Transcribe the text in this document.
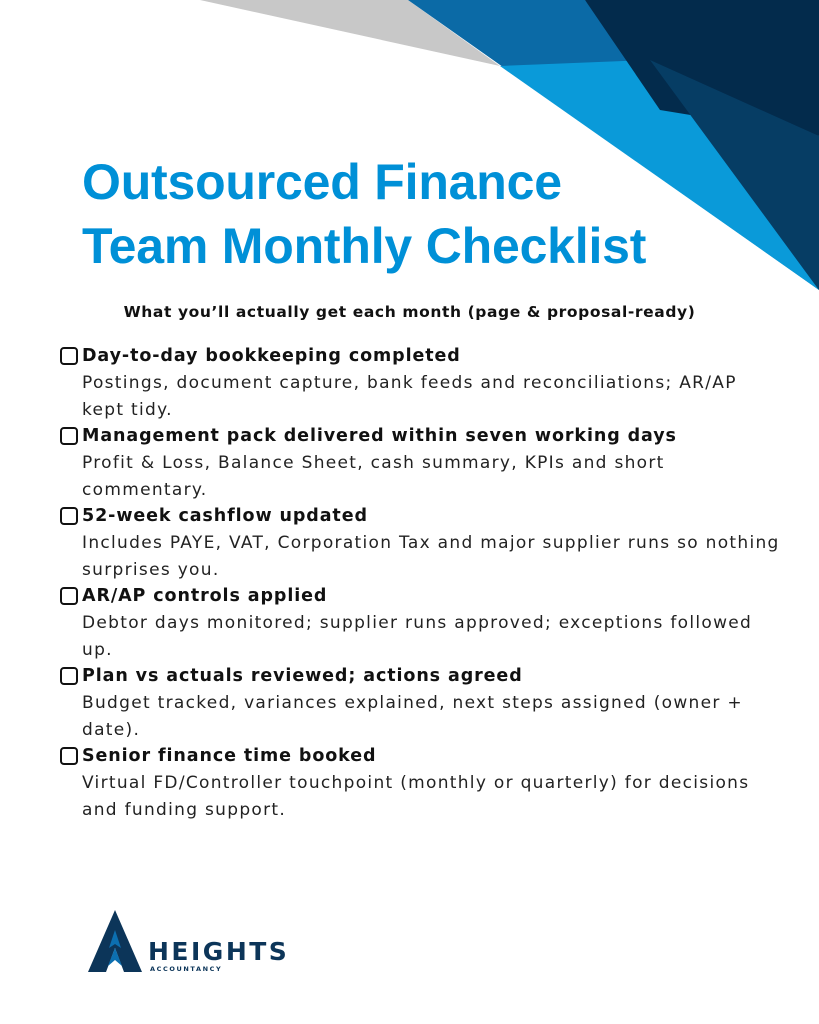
Outsourced Finance
Team Monthly Checklist
What you’ll actually get each month (page & proposal-ready)
Day-to-day bookkeeping completed
Postings, document capture, bank feeds and reconciliations; AR/AP kept tidy.
Management pack delivered within seven working days
Profit & Loss, Balance Sheet, cash summary, KPIs and short commentary.
52-week cashflow updated
Includes PAYE, VAT, Corporation Tax and major supplier runs so nothing surprises you.
AR/AP controls applied
Debtor days monitored; supplier runs approved; exceptions followed up.
Plan vs actuals reviewed; actions agreed
Budget tracked, variances explained, next steps assigned (owner + date).
Senior finance time booked
Virtual FD/Controller touchpoint (monthly or quarterly) for decisions and funding support.
HEIGHTS
ACCOUNTANCY
